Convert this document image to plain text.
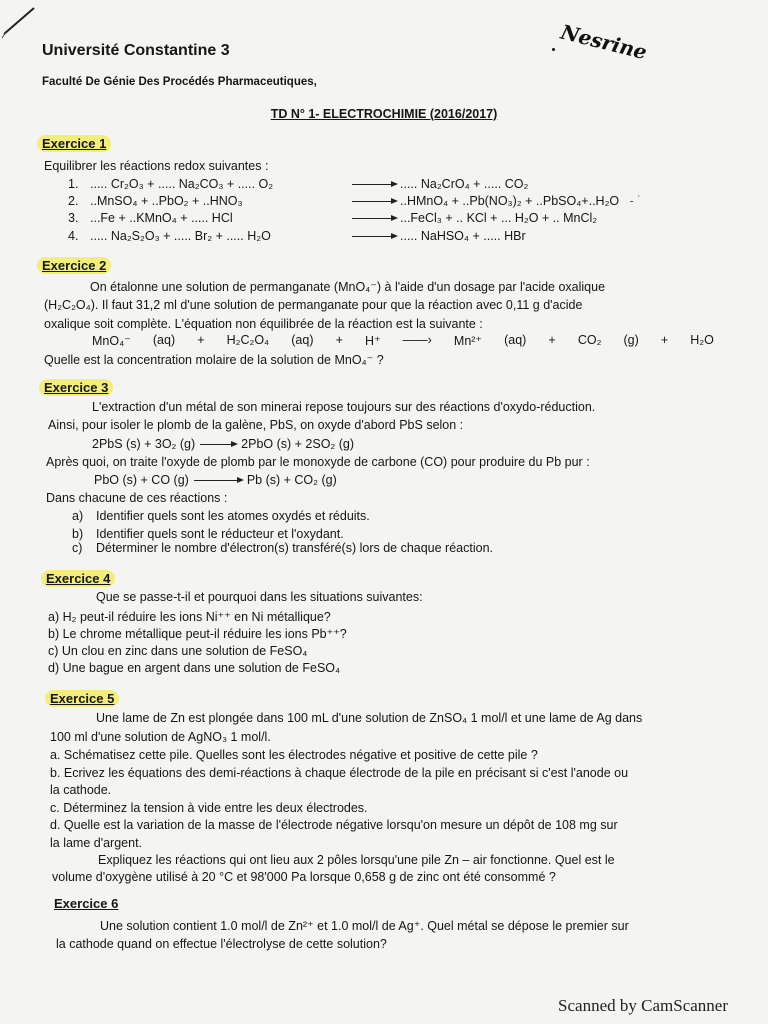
Université Constantine 3
Faculté De Génie Des Procédés Pharmaceutiques,
Nesrine
TD N° 1- ELECTROCHIMIE (2016/2017)
Exercice 1
Equilibrer les réactions redox suivantes :
1. ..... Cr₂O₃ + ..... Na₂CO₃ + ..... O₂	..... Na₂CrO₄ + ..... CO₂
2. ..MnSO₄ + ..PbO₂ + ..HNO₃	..HMnO₄ + ..Pb(NO₃)₂ + ..PbSO₄+..H₂O   - ˙
3. ...Fe + ..KMnO₄ + ..... HCl	...FeCl₃ + .. KCl + ... H₂O + .. MnCl₂
4. ..... Na₂S₂O₃ + ..... Br₂ + ..... H₂O	..... NaHSO₄ + ..... HBr
Exercice 2
On étalonne une solution de permanganate (MnO₄⁻) à l'aide d'un dosage par l'acide oxalique
(H₂C₂O₄). Il faut 31,2 ml d'une solution de permanganate pour que la réaction avec 0,11 g d'acide
oxalique soit complète. L'équation non équilibrée de la réaction est la suivante :
MnO₄⁻ (aq) + H₂C₂O₄ (aq) + H⁺ ——› Mn²⁺ (aq) + CO₂ (g) + H₂O
Quelle est la concentration molaire de la solution de MnO₄⁻ ?
Exercice 3
L'extraction d'un métal de son minerai repose toujours sur des réactions d'oxydo-réduction.
Ainsi, pour isoler le plomb de la galène, PbS, on oxyde d'abord PbS selon :
2PbS (s) + 3O₂ (g)	2PbO (s) + 2SO₂ (g)
Après quoi, on traite l'oxyde de plomb par le monoxyde de carbone (CO) pour produire du Pb pur :
PbO (s) + CO (g)	Pb (s) + CO₂ (g)
Dans chacune de ces réactions :
a) Identifier quels sont les atomes oxydés et réduits.
b) Identifier quels sont le réducteur et l'oxydant.
c) Déterminer le nombre d'électron(s) transféré(s) lors de chaque réaction.
Exercice 4
Que se passe-t-il et pourquoi dans les situations suivantes:
a) H₂ peut-il réduire les ions Ni⁺⁺ en Ni métallique?
b) Le chrome métallique peut-il réduire les ions Pb⁺⁺?
c) Un clou en zinc dans une solution de FeSO₄
d) Une bague en argent dans une solution de FeSO₄
Exercice 5
Une lame de Zn est plongée dans 100 mL d'une solution de ZnSO₄ 1 mol/l et une lame de Ag dans
100 ml d'une solution de AgNO₃ 1 mol/l.
a. Schématisez cette pile. Quelles sont les électrodes négative et positive de cette pile ?
b. Ecrivez les équations des demi-réactions à chaque électrode de la pile en précisant si c'est l'anode ou
la cathode.
c. Déterminez la tension à vide entre les deux électrodes.
d. Quelle est la variation de la masse de l'électrode négative lorsqu'on mesure un dépôt de 108 mg sur
la lame d'argent.
Expliquez les réactions qui ont lieu aux 2 pôles lorsqu'une pile Zn – air fonctionne. Quel est le
volume d'oxygène utilisé à 20 °C et 98'000 Pa lorsque 0,658 g de zinc ont été consommé ?
Exercice 6
Une solution contient 1.0 mol/l de Zn²⁺ et 1.0 mol/l de Ag⁺. Quel métal se dépose le premier sur
la cathode quand on effectue l'électrolyse de cette solution?
Scanned by CamScanner
